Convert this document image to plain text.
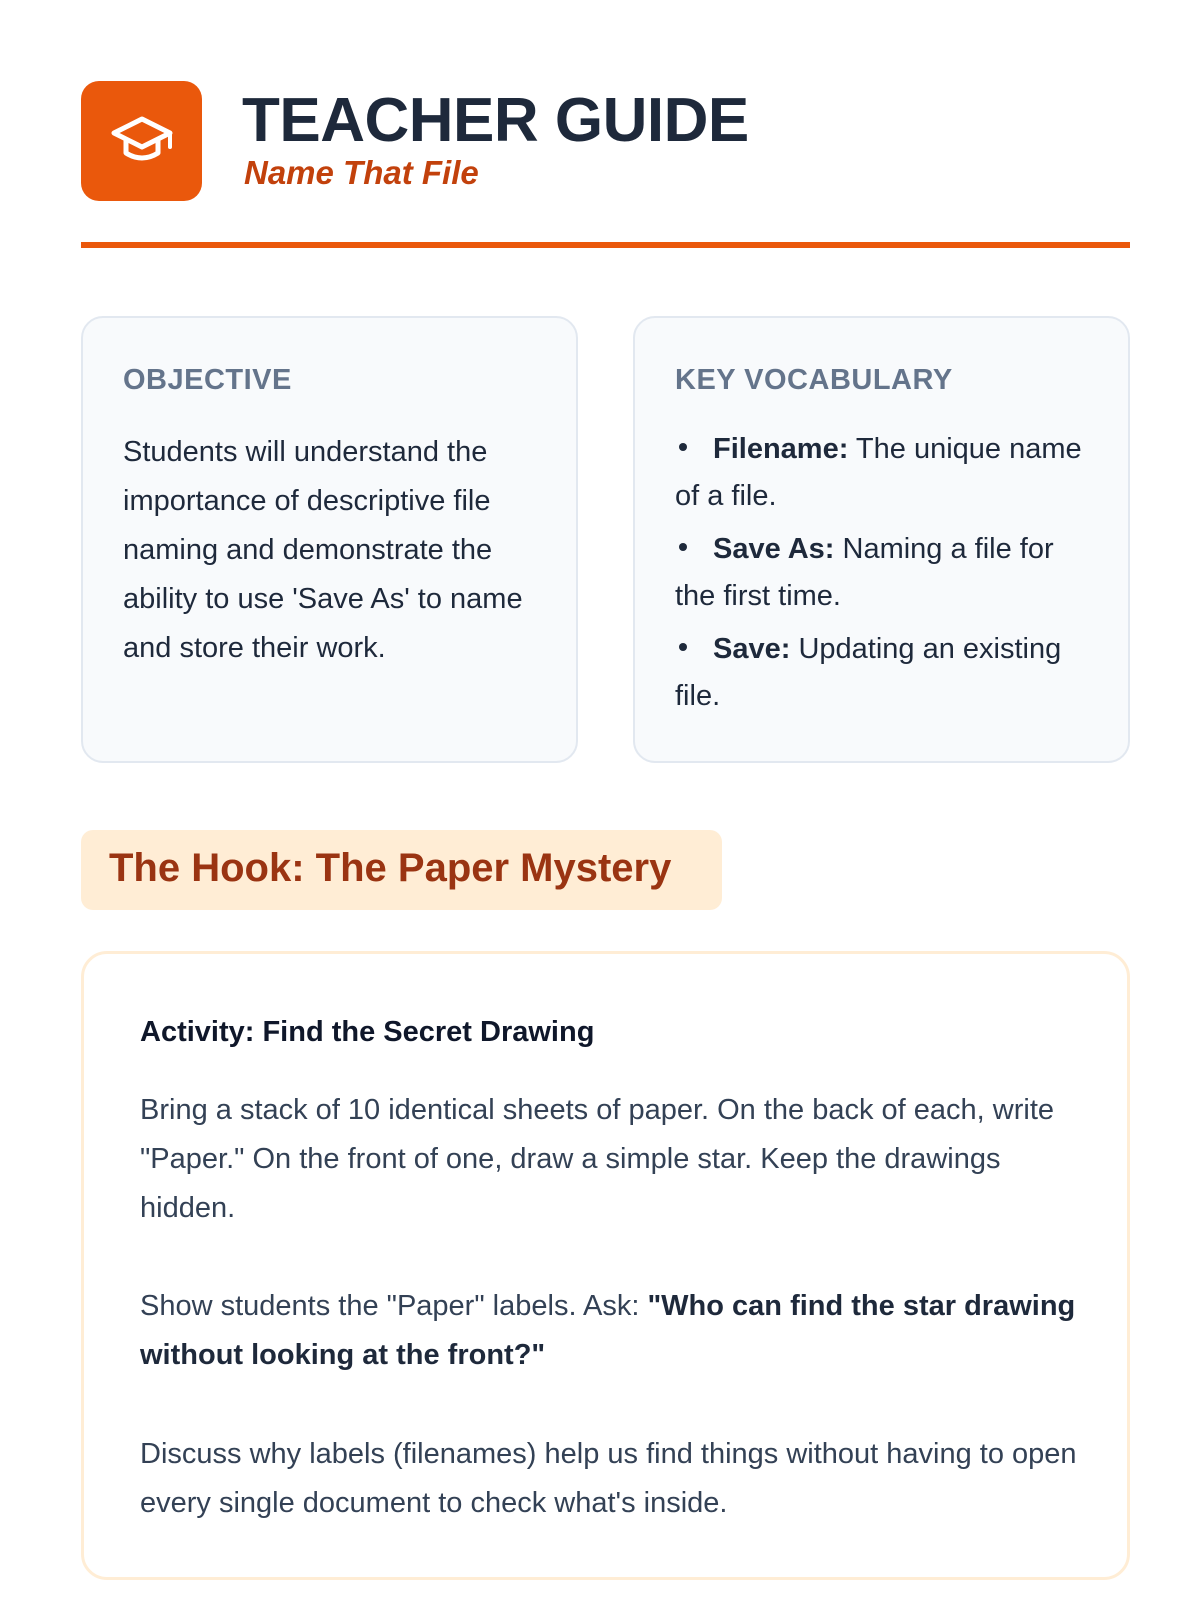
TEACHER GUIDE
Name That File
OBJECTIVE
Students will understand the importance of descriptive file naming and demonstrate the ability to use 'Save As' to name and store their work.
KEY VOCABULARY
Filename: The unique name of a file.
Save As: Naming a file for the first time.
Save: Updating an existing file.
The Hook: The Paper Mystery
Activity: Find the Secret Drawing
Bring a stack of 10 identical sheets of paper. On the back of each, write "Paper." On the front of one, draw a simple star. Keep the drawings hidden.
Show students the "Paper" labels. Ask: "Who can find the star drawing without looking at the front?"
Discuss why labels (filenames) help us find things without having to open every single document to check what's inside.
